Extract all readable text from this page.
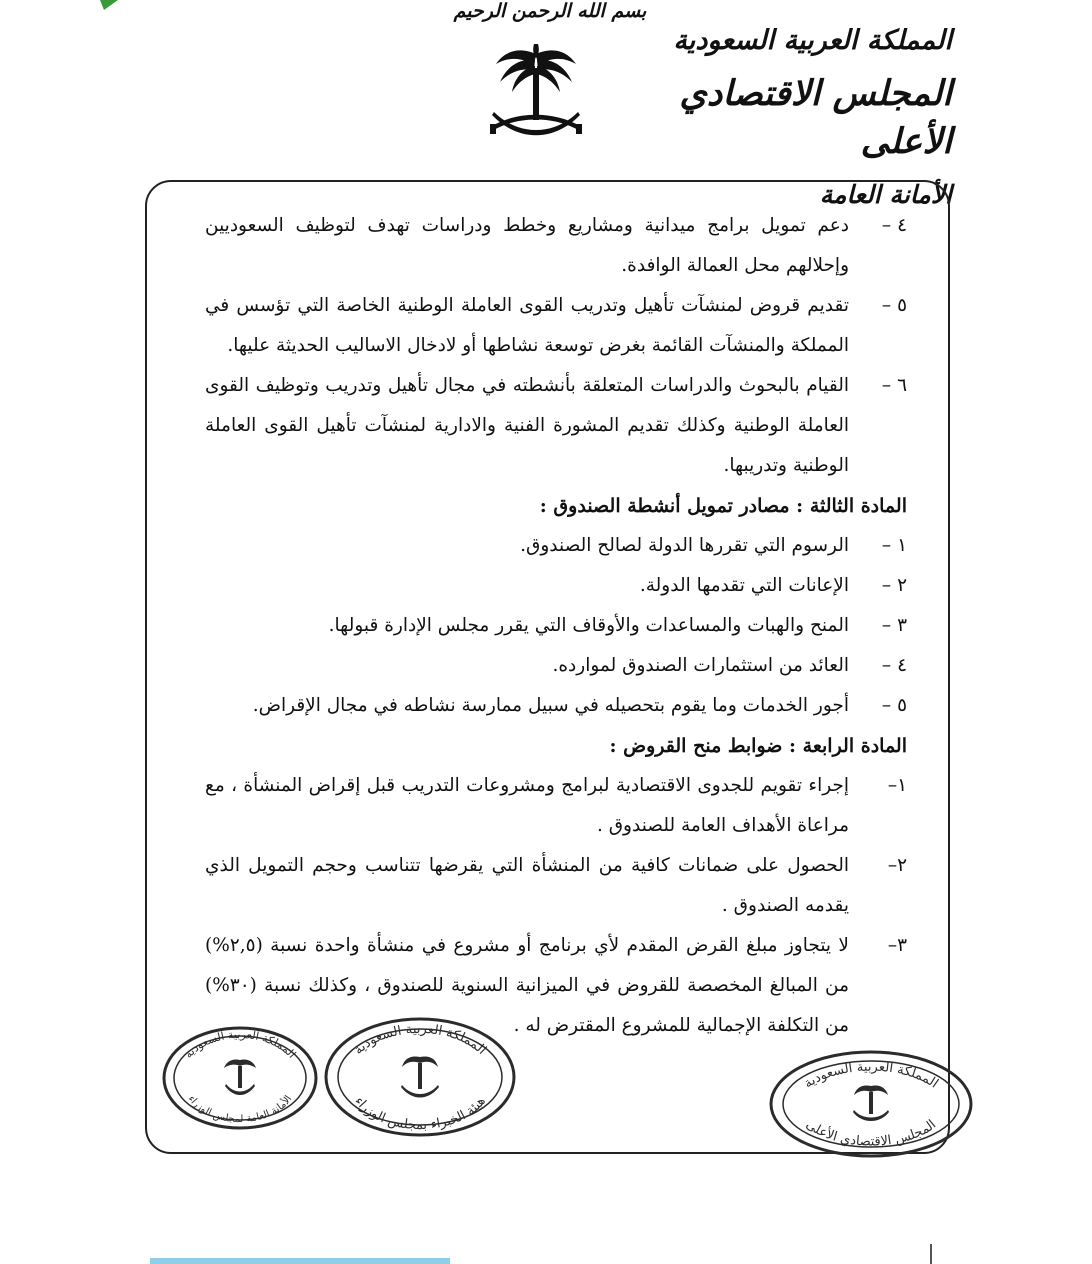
بسم الله الرحمن الرحيم
المملكة العربية السعودية
المجلس الاقتصادي الأعلى
الأمانة العامة
٤ –
دعم تمويل برامج ميدانية ومشاريع وخطط ودراسات تهدف لتوظيف السعوديين وإحلالهم محل العمالة الوافدة.
٥ –
تقديم قروض لمنشآت تأهيل وتدريب القوى العاملة الوطنية الخاصة التي تؤسس في المملكة والمنشآت القائمة بغرض توسعة نشاطها أو لادخال الاساليب الحديثة عليها.
٦ –
القيام بالبحوث والدراسات المتعلقة بأنشطته في مجال تأهيل وتدريب وتوظيف القوى العاملة الوطنية وكذلك تقديم المشورة الفنية والادارية لمنشآت تأهيل القوى العاملة الوطنية وتدريبها.
المادة الثالثة : مصادر تمويل أنشطة الصندوق :
١ –
الرسوم التي تقررها الدولة لصالح الصندوق.
٢ –
الإعانات التي تقدمها الدولة.
٣ –
المنح والهبات والمساعدات والأوقاف التي يقرر مجلس الإدارة قبولها.
٤ –
العائد من استثمارات الصندوق لموارده.
٥ –
أجور الخدمات وما يقوم بتحصيله في سبيل ممارسة نشاطه في مجال الإقراض.
المادة الرابعة : ضوابط منح القروض :
١–
إجراء تقويم للجدوى الاقتصادية لبرامج ومشروعات التدريب قبل إقراض المنشأة ، مع مراعاة الأهداف العامة للصندوق .
٢–
الحصول على ضمانات كافية من المنشأة التي يقرضها تتناسب وحجم التمويل الذي يقدمه الصندوق .
٣–
لا يتجاوز مبلغ القرض المقدم لأي برنامج أو مشروع في منشأة واحدة نسبة (٢,٥%) من المبالغ المخصصة للقروض في الميزانية السنوية للصندوق ، وكذلك نسبة (٣٠%) من التكلفة الإجمالية للمشروع المقترض له .
المملكة العربية السعودية
الأمانة العامة لمجلس الوزراء
المملكة العربية السعودية
هيئة الخبراء بمجلس الوزراء
المملكة العربية السعودية
المجلس الاقتصادي الأعلى
